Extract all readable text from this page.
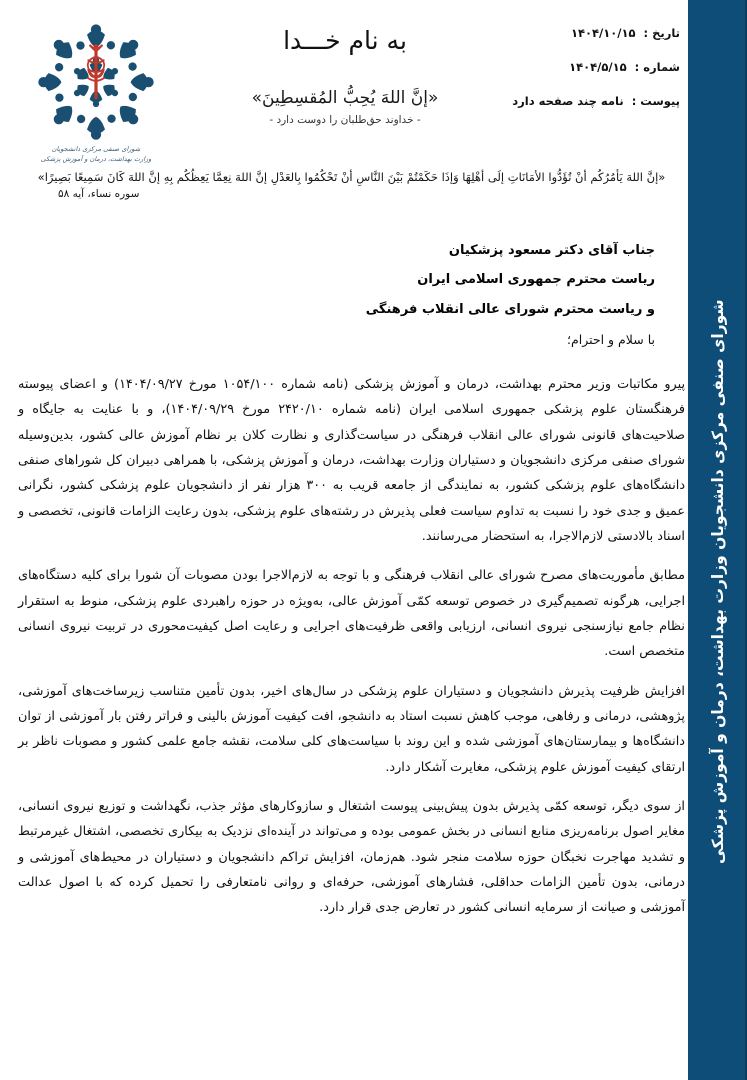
شورای صنفی مرکزی دانشجویان وزارت بهداشت، درمان و آموزش پزشکی
شورای صنفی مرکزی دانشجویان
وزارت بهداشت، درمان و آموزش پزشکی
به نام خـــدا
«إنَّ اللهَ يُحِبُّ المُقسِطِينَ»
- خداوند حق‌طلبان را دوست دارد -
تاریخ : ۱۴۰۴/۱۰/۱۵
شماره : ۱۴۰۴/۵/۱۵
پیوست : نامه چند صفحه دارد
«إنَّ اللهَ يَأمُرُكُم أنْ تُؤَدُّوا الأمَانَاتِ إلَى أهْلِهَا وَإذَا حَكَمْتُمْ بَيْنَ النَّاسِ أنْ تَحْكُمُوا بِالعَدْلِ إنَّ اللهَ نِعِمَّا يَعِظُكُم بِهِ إنَّ اللهَ كَانَ سَمِيعًا بَصِيرًا»
سوره نساء، آیه ۵۸
جناب آقای دکتر مسعود پزشکیان
ریاست محترم جمهوری اسلامی ایران
و ریاست محترم شورای عالی انقلاب فرهنگی
با سلام و احترام؛

پیرو مکاتبات وزیر محترم بهداشت، درمان و آموزش پزشکی (نامه شماره ۱۰۵۴/۱۰۰ مورخ ۱۴۰۴/۰۹/۲۷) و اعضای پیوسته فرهنگستان علوم پزشکی جمهوری اسلامی ایران (نامه شماره ۲۴۲۰/۱۰ مورخ ۱۴۰۴/۰۹/۲۹)، و با عنایت به جایگاه و صلاحیت‌های قانونی شورای عالی انقلاب فرهنگی در سیاست‌گذاری و نظارت کلان بر نظام آموزش عالی کشور، بدین‌وسیله شورای صنفی مرکزی دانشجویان و دستیاران وزارت بهداشت، درمان و آموزش پزشکی، با همراهی دبیران کل شوراهای صنفی دانشگاه‌های علوم پزشکی کشور، به نمایندگی از جامعه قریب به ۳۰۰ هزار نفر از دانشجویان علوم پزشکی کشور، نگرانی عمیق و جدی خود را نسبت به تداوم سیاست فعلی پذیرش در رشته‌های علوم پزشکی، بدون رعایت الزامات قانونی، تخصصی و اسناد بالادستی لازم‌الاجرا، به استحضار می‌رسانند.

مطابق مأموریت‌های مصرح شورای عالی انقلاب فرهنگی و با توجه به لازم‌الاجرا بودن مصوبات آن شورا برای کلیه دستگاه‌های اجرایی، هرگونه تصمیم‌گیری در خصوص توسعه کمّی آموزش عالی، به‌ویژه در حوزه راهبردی علوم پزشکی، منوط به استقرار نظام جامع نیازسنجی نیروی انسانی، ارزیابی واقعی ظرفیت‌های اجرایی و رعایت اصل کیفیت‌محوری در تربیت نیروی انسانی متخصص است.

افزایش ظرفیت پذیرش دانشجویان و دستیاران علوم پزشکی در سال‌های اخیر، بدون تأمین متناسب زیرساخت‌های آموزشی، پژوهشی، درمانی و رفاهی، موجب کاهش نسبت استاد به دانشجو، افت کیفیت آموزش بالینی و فراتر رفتن بار آموزشی از توان دانشگاه‌ها و بیمارستان‌های آموزشی شده و این روند با سیاست‌های کلی سلامت، نقشه جامع علمی کشور و مصوبات ناظر بر ارتقای کیفیت آموزش علوم پزشکی، مغایرت آشکار دارد.

از سوی دیگر، توسعه کمّی پذیرش بدون پیش‌بینی پیوست اشتغال و سازوکارهای مؤثر جذب، نگهداشت و توزیع نیروی انسانی، مغایر اصول برنامه‌ریزی منابع انسانی در بخش عمومی بوده و می‌تواند در آینده‌ای نزدیک به بیکاری تخصصی، اشتغال غیرمرتبط و تشدید مهاجرت نخبگان حوزه سلامت منجر شود. هم‌زمان، افزایش تراکم دانشجویان و دستیاران در محیط‌های آموزشی و درمانی، بدون تأمین الزامات حداقلی، فشارهای آموزشی، حرفه‌ای و روانی نامتعارفی را تحمیل کرده که با اصول عدالت آموزشی و صیانت از سرمایه انسانی کشور در تعارض جدی قرار دارد.
